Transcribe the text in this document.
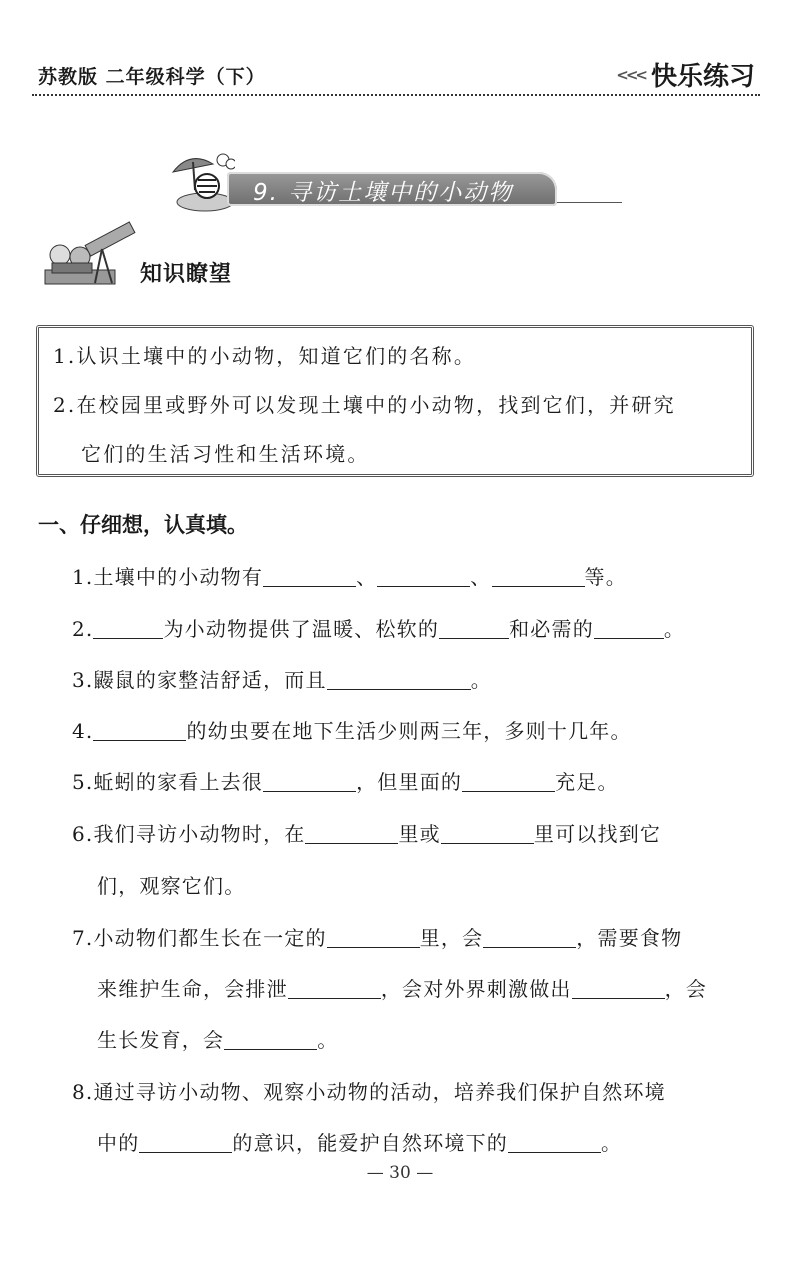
苏教版 二年级科学（下）	<<< 快乐练习
9. 寻访土壤中的小动物
知识瞭望
1.认识土壤中的小动物，知道它们的名称。
2.在校园里或野外可以发现土壤中的小动物，找到它们，并研究
它们的生活习性和生活环境。
一、仔细想，认真填。
1.土壤中的小动物有	、	、	等。
2.	为小动物提供了温暖、松软的	和必需的	。
3.鼹鼠的家整洁舒适，而且	。
4.	的幼虫要在地下生活少则两三年，多则十几年。
5.蚯蚓的家看上去很	，但里面的	充足。
6.我们寻访小动物时，在	里或	里可以找到它
们，观察它们。
7.小动物们都生长在一定的	里，会	，需要食物
来维护生命，会排泄	，会对外界刺激做出	，会
生长发育，会	。
8.通过寻访小动物、观察小动物的活动，培养我们保护自然环境
中的	的意识，能爱护自然环境下的	。
— 30 —
